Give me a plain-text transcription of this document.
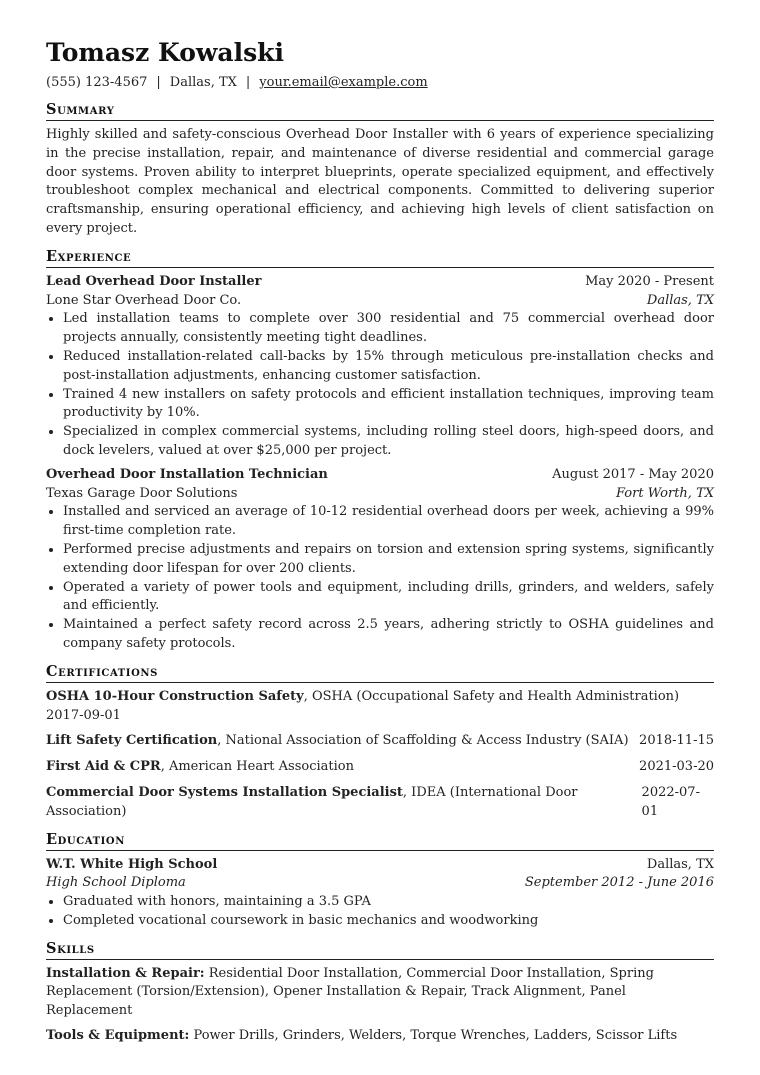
Tomasz Kowalski
(555) 123-4567 | Dallas, TX | your.email@example.com
Summary
Highly skilled and safety-conscious Overhead Door Installer with 6 years of experience specializing in the precise installation, repair, and maintenance of diverse residential and commercial garage door systems. Proven ability to interpret blueprints, operate specialized equipment, and effectively troubleshoot complex mechanical and electrical components. Committed to delivering superior craftsmanship, ensuring operational efficiency, and achieving high levels of client satisfaction on every project.
Experience
Lead Overhead Door Installer	May 2020 - Present
Lone Star Overhead Door Co.	Dallas, TX
• Led installation teams to complete over 300 residential and 75 commercial overhead door projects annually, consistently meeting tight deadlines.
• Reduced installation-related call-backs by 15% through meticulous pre-installation checks and post-installation adjustments, enhancing customer satisfaction.
• Trained 4 new installers on safety protocols and efficient installation techniques, improving team productivity by 10%.
• Specialized in complex commercial systems, including rolling steel doors, high-speed doors, and dock levelers, valued at over $25,000 per project.
Overhead Door Installation Technician	August 2017 - May 2020
Texas Garage Door Solutions	Fort Worth, TX
• Installed and serviced an average of 10-12 residential overhead doors per week, achieving a 99% first-time completion rate.
• Performed precise adjustments and repairs on torsion and extension spring systems, significantly extending door lifespan for over 200 clients.
• Operated a variety of power tools and equipment, including drills, grinders, and welders, safely and efficiently.
• Maintained a perfect safety record across 2.5 years, adhering strictly to OSHA guidelines and company safety protocols.
Certifications
OSHA 10-Hour Construction Safety, OSHA (Occupational Safety and Health Administration)
2017-09-01
Lift Safety Certification, National Association of Scaffolding & Access Industry (SAIA) 2018-11-15
First Aid & CPR, American Heart Association	2021-03-20
Commercial Door Systems Installation Specialist, IDEA (International Door Association)
2022-07-01
Education
W.T. White High School	Dallas, TX
High School Diploma	September 2012 - June 2016
• Graduated with honors, maintaining a 3.5 GPA
• Completed vocational coursework in basic mechanics and woodworking
Skills

Installation & Repair: Residential Door Installation, Commercial Door Installation, Spring Replacement (Torsion/Extension), Opener Installation & Repair, Track Alignment, Panel Replacement

Tools & Equipment: Power Drills, Grinders, Welders, Torque Wrenches, Ladders, Scissor Lifts
